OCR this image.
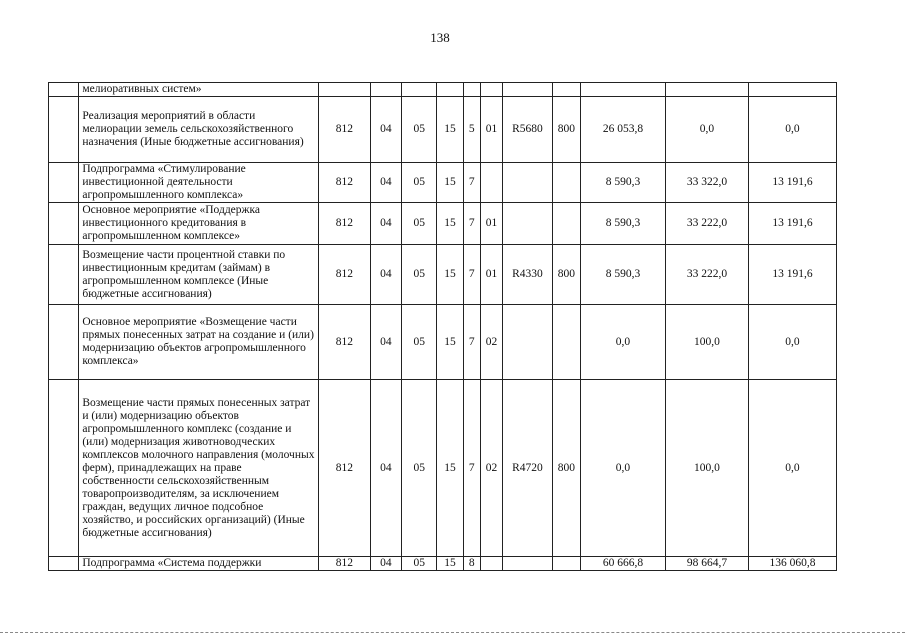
138
	мелиоративных систем»											
	Реализация мероприятий в области мелиорации земель сельскохозяйственного назначения (Иные бюджетные ассигнования)	812	04	05	15	5	01	R5680	800	26 053,8	0,0	0,0
	Подпрограмма «Стимулирование инвестиционной деятельности агропромышленного комплекса»	812	04	05	15	7				8 590,3	33 322,0	13 191,6
	Основное мероприятие «Поддержка инвестиционного кредитования в агропромышленном комплексе»	812	04	05	15	7	01			8 590,3	33 222,0	13 191,6
	Возмещение части процентной ставки по инвестиционным кредитам (займам) в агропромышленном комплексе (Иные бюджетные ассигнования)	812	04	05	15	7	01	R4330	800	8 590,3	33 222,0	13 191,6
	Основное мероприятие «Возмещение части прямых понесенных затрат на создание и (или) модернизацию объектов агропромышленного комплекса»	812	04	05	15	7	02			0,0	100,0	0,0
	Возмещение части прямых понесенных затрат и (или) модернизацию объектов агропромышленного комплекс (создание и (или) модернизация животноводческих комплексов молочного направления (молочных ферм), принадлежащих на праве собственности сельскохозяйственным товаропроизводителям, за исключением граждан, ведущих личное подсобное хозяйство, и российских организаций) (Иные бюджетные ассигнования)	812	04	05	15	7	02	R4720	800	0,0	100,0	0,0
	Подпрограмма «Система поддержки	812	04	05	15	8				60 666,8	98 664,7	136 060,8
